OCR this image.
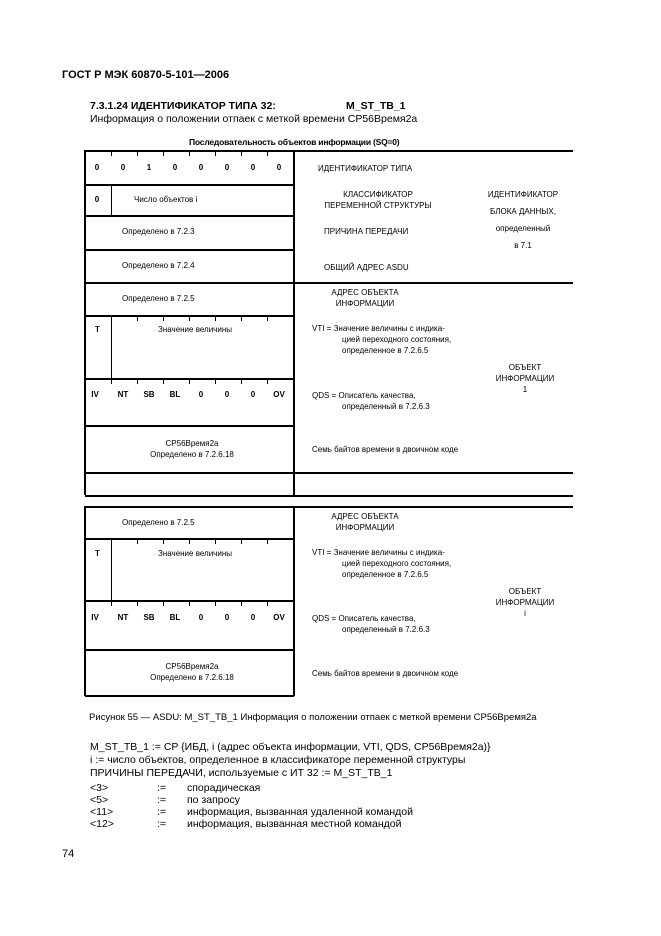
ГОСТ Р МЭК 60870-5-101—2006
7.3.1.24 ИДЕНТИФИКАТОР ТИПА 32:	M_ST_TB_1
Информация о положении отпаек с меткой времени СР56Время2а
Последовательность объектов информации (SQ=0)
0	0	1	0	0	0	0	0	ИДЕНТИФИКАТОР ТИПА
0	Число объектов i
КЛАССИФИКАТОР
ПЕРЕМЕННОЙ СТРУКТУРЫ
Определено в 7.2.3	ПРИЧИНА ПЕРЕДАЧИ
Определено в 7.2.4	ОБЩИЙ АДРЕС ASDU
ИДЕНТИФИКАТОР
БЛОКА ДАННЫХ,
определенный
в 7.1
Определено в 7.2.5
АДРЕС ОБЪЕКТА
ИНФОРМАЦИИ
Т	Значение величины	VTI = Значение величины с индика-
цией переходного состояния,
определенное в 7.2.6.5
IV	NT SB BL	0	0	0	OV	QDS = Описатель качества,
определенный в 7.2.6.3
СР56Время2а
Определено в 7.2.6.18
Семь байтов времени в двоичном коде
ОБЪЕКТ
ИНФОРМАЦИИ
1
Определено в 7.2.5
АДРЕС ОБЪЕКТА
ИНФОРМАЦИИ
Т	Значение величины	VTI = Значение величины с индика-
цией переходного состояния,
определенное в 7.2.6.5
IV	NT SB BL	0	0	0	OV	QDS = Описатель качества,
определенный в 7.2.6.3
СР56Время2а
Определено в 7.2.6.18	Семь байтов времени в двоичном коде
ОБЪЕКТ
ИНФОРМАЦИИ
i
Рисунок 55 — ASDU: M_ST_TB_1 Информация о положении отпаек с меткой времени СР56Время2а
M_ST_TB_1 := CP {ИБД, i (адрес объекта информации, VTI, QDS, CP56Время2а)}
i := число объектов, определенное в классификаторе переменной структуры
ПРИЧИНЫ ПЕРЕДАЧИ, используемые с ИТ 32 := M_ST_TB_1
<3>	:= спорадическая
<5>	:= по запросу
<11>	:= информация, вызванная удаленной командой
<12>	:= информация, вызванная местной командой
74
